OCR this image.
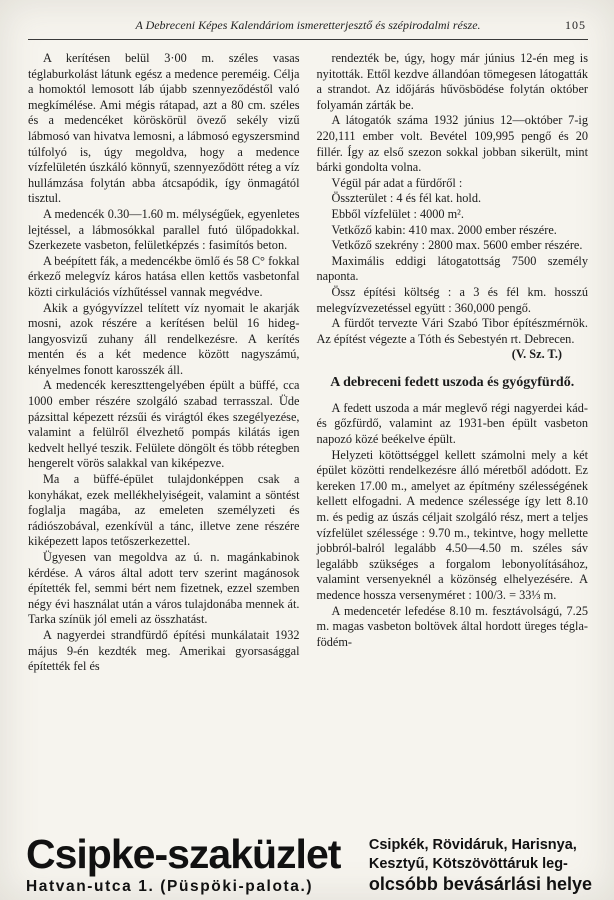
A Debreceni Képes Kalendáriom ismeretterjesztő és szépirodalmi része.	105

A kerítésen belül 3·00 m. széles vasas téglaburkolást látunk egész a medence pereméig. Célja a homoktól lemosott láb újabb szennyeződéstől való megkímélése. Ami mégis rátapad, azt a 80 cm. széles és a medencéket köröskörül övező sekély vizű lábmosó van hivatva lemosni, a lábmosó egyszersmind túlfolyó is, úgy megoldva, hogy a medence vízfelületén úszkáló könnyű, szennyeződött réteg a víz hullámzása folytán abba átcsapódik, így önmagától tisztul.

A medencék 0.30—1.60 m. mélységűek, egyenletes lejtéssel, a lábmosókkal parallel futó ülőpadokkal. Szerkezete vasbeton, felületképzés : fasimítós beton.

A beépített fák, a medencékbe ömlő és 58 C° fokkal érkező melegvíz káros hatása ellen kettős vasbetonfal közti cirkulációs vízhűtéssel vannak megvédve.

Akik a gyógyvízzel telített víz nyomait le akarják mosni, azok részére a kerítésen belül 16 hideg-langyosvizű zuhany áll rendelkezésre. A kerítés mentén és a két medence között nagyszámú, kényelmes fonott karosszék áll.

A medencék kereszttengelyében épült a büffé, cca 1000 ember részére szolgáló szabad terrasszal. Üde pázsittal képezett rézsűi és virágtól ékes szegélyezése, valamint a felülről élvezhető pompás kilátás igen kedvelt hellyé teszik. Felülete döngölt és több rétegben hengerelt vörös salakkal van kiképezve.

Ma a büffé-épület tulajdonképpen csak a konyhákat, ezek mellékhelyiségeit, valamint a söntést foglalja magába, az emeleten személyzeti és rádiószobával, ezenkívül a tánc, illetve zene részére kiképezett lapos tetőszerkezettel.

Ügyesen van megoldva az ú. n. magánkabinok kérdése. A város által adott terv szerint magánosok építették fel, semmi bért nem fizetnek, ezzel szemben négy évi használat után a város tulajdonába mennek át. Tarka színük jól emeli az összhatást.

A nagyerdei strandfürdő építési munkálatait 1932 május 9-én kezdték meg. Amerikai gyorsasággal építették fel és

rendezték be, úgy, hogy már június 12-én meg is nyitották. Ettől kezdve állandóan tömegesen látogatták a strandot. Az időjárás hűvösbödése folytán október folyamán zárták be.

A látogatók száma 1932 június 12—október 7-ig 220,111 ember volt. Bevétel 109,995 pengő és 20 fillér. Így az első szezon sokkal jobban sikerült, mint bárki gondolta volna.

Végül pár adat a fürdőről :

Összterület : 4 és fél kat. hold.

Ebből vízfelület : 4000 m².

Vetkőző kabin: 410 max. 2000 ember részére.

Vetkőző szekrény : 2800 max. 5600 ember részére.

Maximális eddigi látogatottság 7500 személy naponta.

Össz építési költség : a 3 és fél km. hosszú melegvízvezetéssel együtt : 360,000 pengő.

A fürdőt tervezte Vári Szabó Tibor építészmérnök. Az építést végezte a Tóth és Sebestyén rt. Debrecen.

(V. Sz. T.)

A debreceni fedett uszoda és gyógyfürdő.

A fedett uszoda a már meglevő régi nagyerdei kád- és gőzfürdő, valamint az 1931-ben épült vasbeton napozó közé beékelve épült.

Helyzeti kötöttséggel kellett számolni mely a két épület közötti rendelkezésre álló méretből adódott. Ez kereken 17.00 m., amelyet az építmény szélességének kellett elfogadni. A medence szélessége így lett 8.10 m. és pedig az úszás céljait szolgáló rész, mert a teljes vízfelület szélessége : 9.70 m., tekintve, hogy mellette jobbról-balról legalább 4.50—4.50 m. széles sáv legalább szükséges a forgalom lebonyolításához, valamint versenyeknél a közönség elhelyezésére. A medence hossza versenyméret : 100/3. = 33⅓ m.

A medencetér lefedése 8.10 m. fesztávolságú, 7.25 m. magas vasbeton boltövek által hordott üreges tégla-födém-

Csipke-szaküzlet
Hatvan-utca 1. (Püspöki-palota.)
Csipkék, Rövidáruk, Harisnya,
Kesztyű, Kötszövöttáruk leg-
olcsóbb bevásárlási helye
